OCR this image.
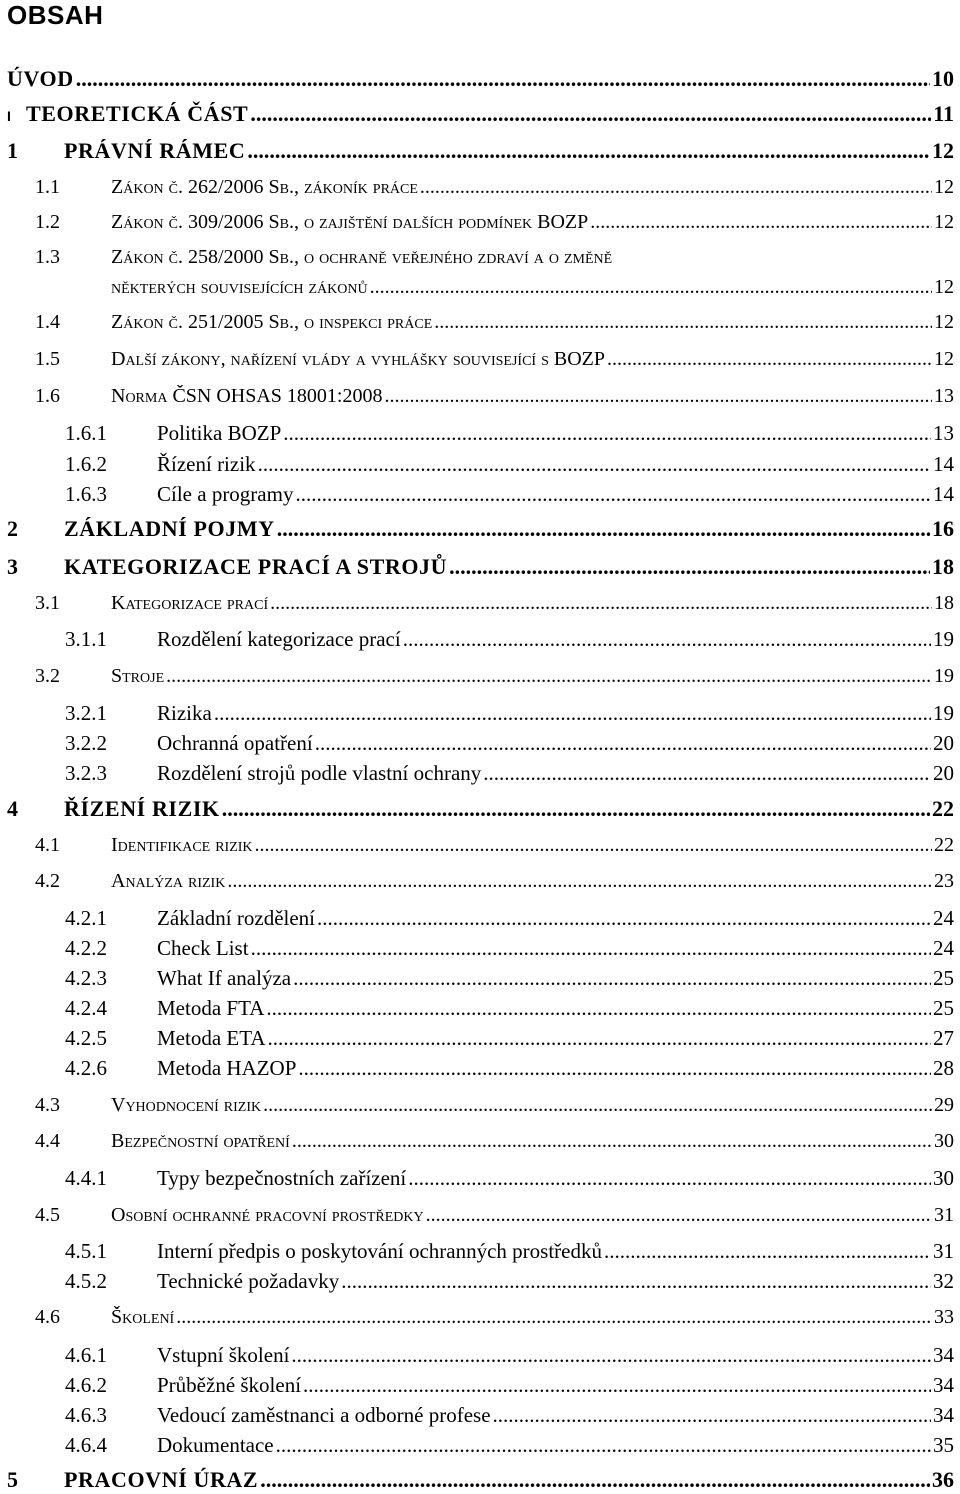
OBSAH
ÚVOD .....	10
I TEORETICKÁ ČÁST .....	11
1	PRÁVNÍ RÁMEC .....	12
1.1	Zákon č. 262/2006 Sb., zákoník práce .....	12
1.2	Zákon č. 309/2006 Sb., o zajištění dalších podmínek BOZP .....	12
1.3	Zákon č. 258/2000 Sb., o ochraně veřejného zdraví a o změně
některých souvisejících zákonů .....	12
1.4	Zákon č. 251/2005 Sb., o inspekci práce .....	12
1.5	Další zákony, nařízení vlády a vyhlášky související s BOZP .....	12
1.6	Norma ČSN OHSAS 18001:2008 .....	13
1.6.1	Politika BOZP .....	13
1.6.2	Řízení rizik .....	14
1.6.3	Cíle a programy .....	14
2	ZÁKLADNÍ POJMY .....	16
3	KATEGORIZACE PRACÍ A STROJŮ .....	18
3.1	Kategorizace prací .....	18
3.1.1	Rozdělení kategorizace prací .....	19
3.2	Stroje .....	19
3.2.1	Rizika .....	19
3.2.2	Ochranná opatření .....	20
3.2.3	Rozdělení strojů podle vlastní ochrany .....	20
4	ŘÍZENÍ RIZIK .....	22
4.1	Identifikace rizik .....	22
4.2	Analýza rizik .....	23
4.2.1	Základní rozdělení .....	24
4.2.2	Check List .....	24
4.2.3	What If analýza .....	25
4.2.4	Metoda FTA .....	25
4.2.5	Metoda ETA .....	27
4.2.6	Metoda HAZOP .....	28
4.3	Vyhodnocení rizik .....	29
4.4	Bezpečnostní opatření .....	30
4.4.1	Typy bezpečnostních zařízení .....	30
4.5	Osobní ochranné pracovní prostředky .....	31
4.5.1	Interní předpis o poskytování ochranných prostředků .....	31
4.5.2	Technické požadavky .....	32
4.6	Školení .....	33
4.6.1	Vstupní školení .....	34
4.6.2	Průběžné školení .....	34
4.6.3	Vedoucí zaměstnanci a odborné profese .....	34
4.6.4	Dokumentace .....	35
5	PRACOVNÍ ÚRAZ .....	36
